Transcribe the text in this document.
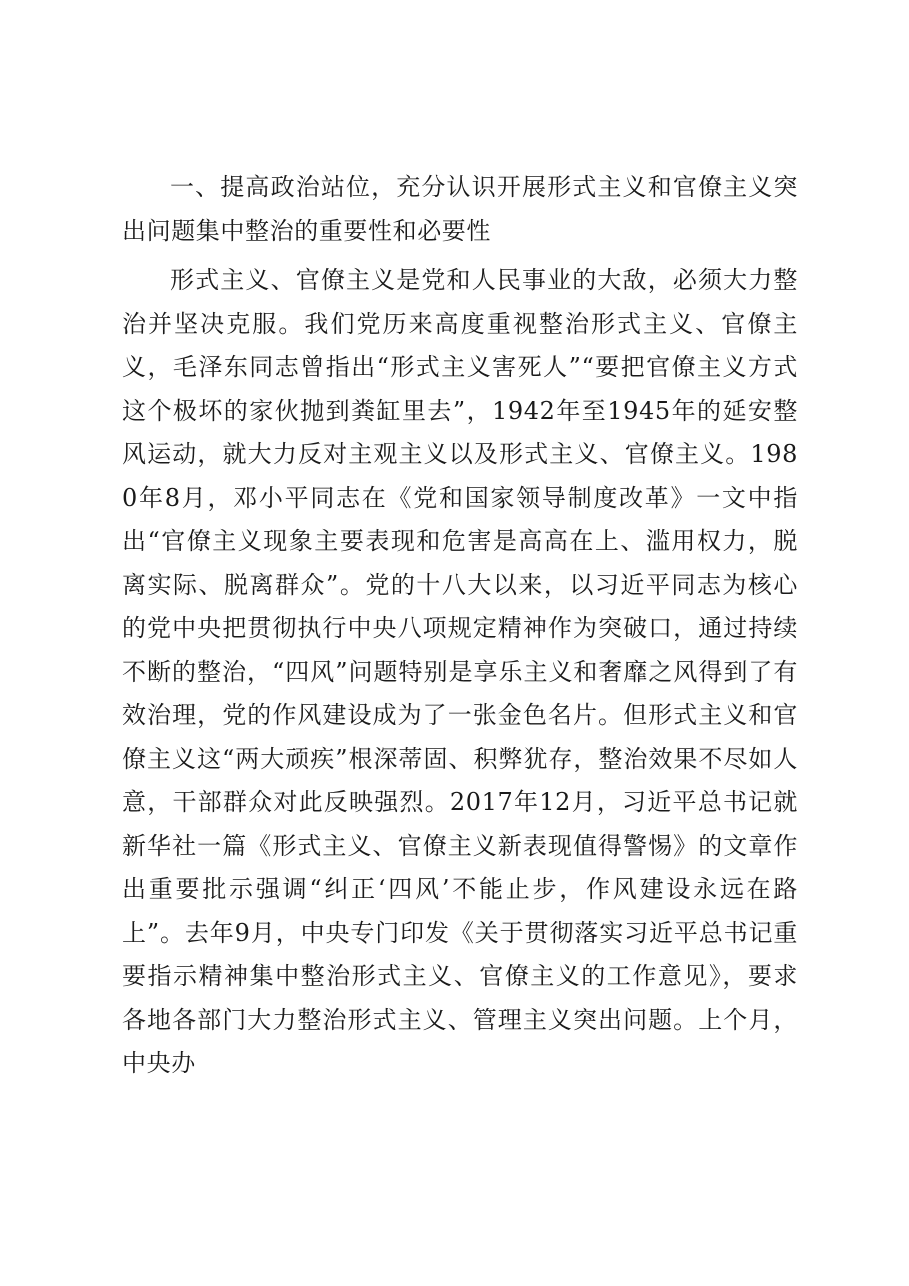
一、提高政治站位，充分认识开展形式主义和官僚主义突出问题集中整治的重要性和必要性

形式主义、官僚主义是党和人民事业的大敌，必须大力整治并坚决克服。我们党历来高度重视整治形式主义、官僚主义，毛泽东同志曾指出“形式主义害死人”“要把官僚主义方式这个极坏的家伙抛到粪缸里去”，1942年至1945年的延安整风运动，就大力反对主观主义以及形式主义、官僚主义。1980年8月，邓小平同志在《党和国家领导制度改革》一文中指出“官僚主义现象主要表现和危害是高高在上、滥用权力，脱离实际、脱离群众”。党的十八大以来，以习近平同志为核心的党中央把贯彻执行中央八项规定精神作为突破口，通过持续不断的整治，“四风”问题特别是享乐主义和奢靡之风得到了有效治理，党的作风建设成为了一张金色名片。但形式主义和官僚主义这“两大顽疾”根深蒂固、积弊犹存，整治效果不尽如人意，干部群众对此反映强烈。2017年12月，习近平总书记就新华社一篇《形式主义、官僚主义新表现值得警惕》的文章作出重要批示强调“纠正‘四风’不能止步，作风建设永远在路上”。去年9月，中央专门印发《关于贯彻落实习近平总书记重要指示精神集中整治形式主义、官僚主义的工作意见》，要求各地各部门大力整治形式主义、管理主义突出问题。上个月，中央办
